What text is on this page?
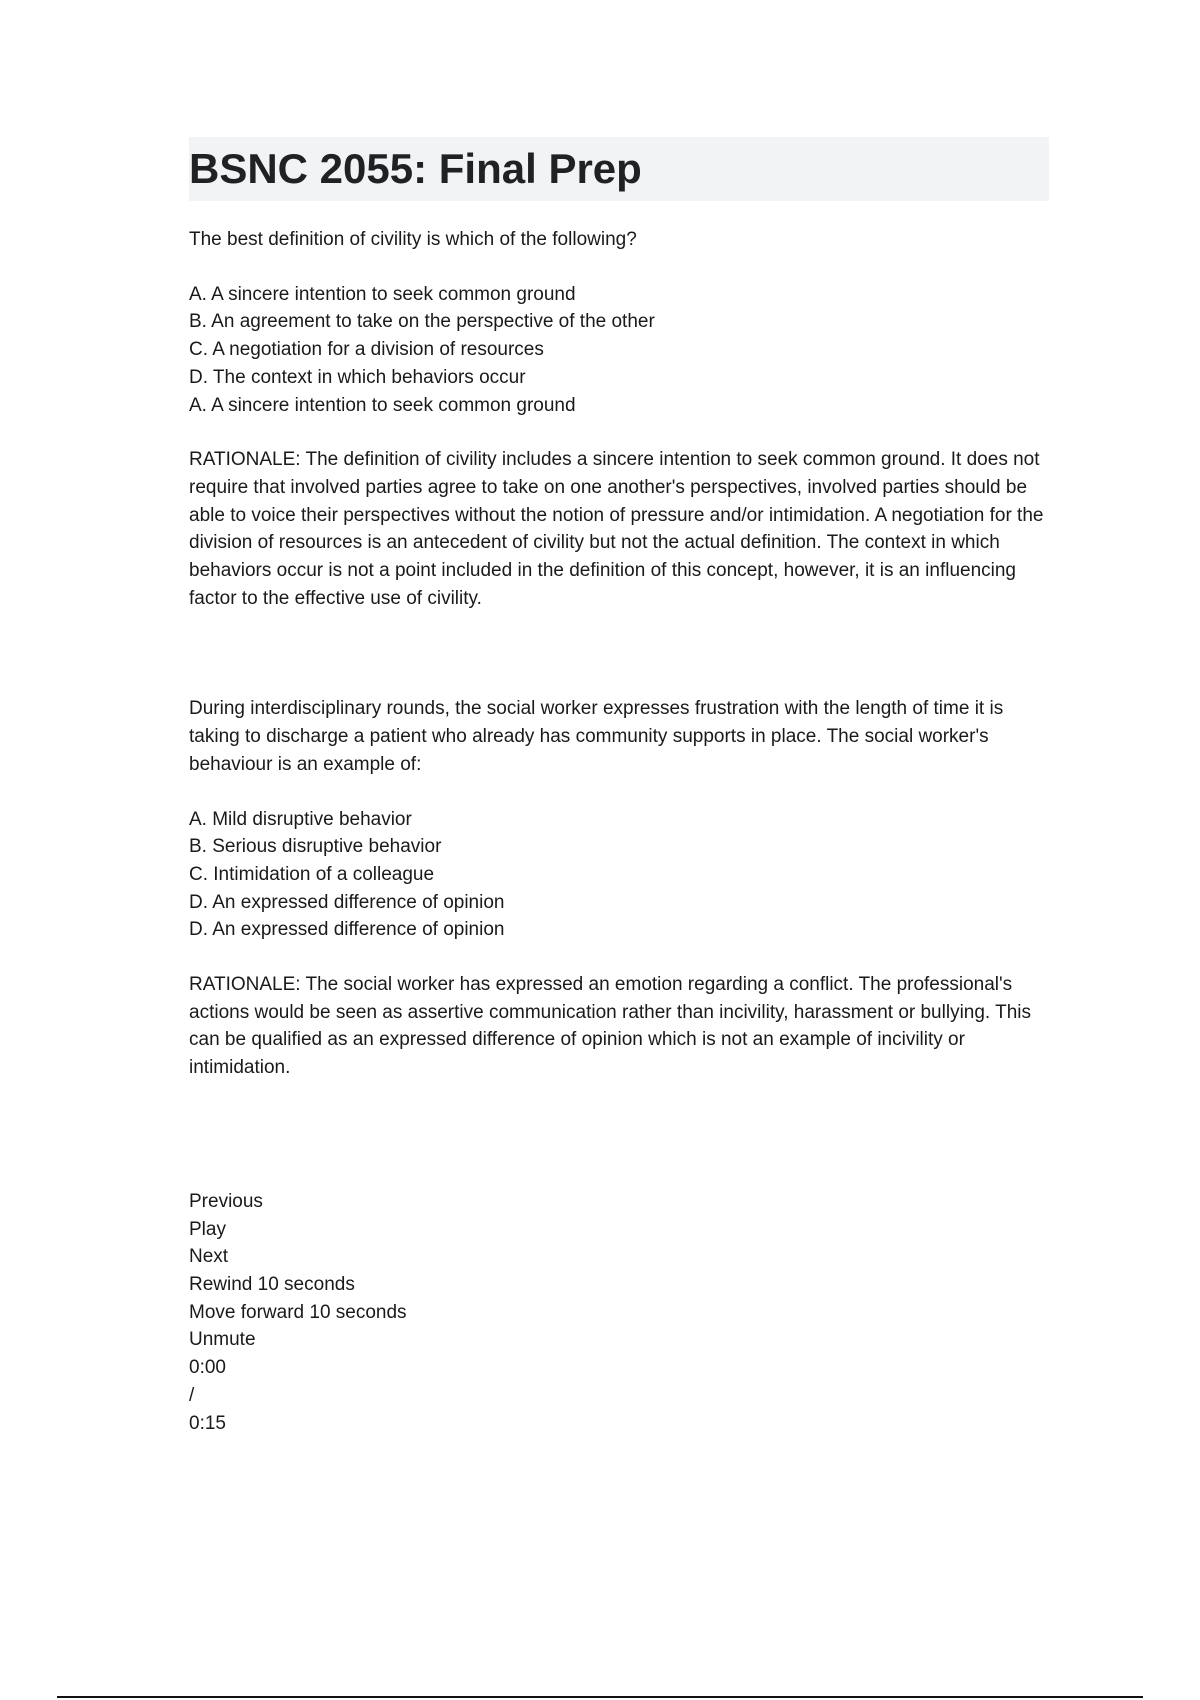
BSNC 2055: Final Prep

The best definition of civility is which of the following?

A. A sincere intention to seek common ground
B. An agreement to take on the perspective of the other
C. A negotiation for a division of resources
D. The context in which behaviors occur
A. A sincere intention to seek common ground

RATIONALE: The definition of civility includes a sincere intention to seek common ground. It does not require that involved parties agree to take on one another's perspectives, involved parties should be able to voice their perspectives without the notion of pressure and/or intimidation. A negotiation for the division of resources is an antecedent of civility but not the actual definition. The context in which behaviors occur is not a point included in the definition of this concept, however, it is an influencing factor to the effective use of civility.

During interdisciplinary rounds, the social worker expresses frustration with the length of time it is taking to discharge a patient who already has community supports in place. The social worker's behaviour is an example of:

A. Mild disruptive behavior
B. Serious disruptive behavior
C. Intimidation of a colleague
D. An expressed difference of opinion
D. An expressed difference of opinion

RATIONALE: The social worker has expressed an emotion regarding a conflict. The professional's actions would be seen as assertive communication rather than incivility, harassment or bullying. This can be qualified as an expressed difference of opinion which is not an example of incivility or intimidation.

Previous
Play
Next
Rewind 10 seconds
Move forward 10 seconds
Unmute
0:00
/
0:15
